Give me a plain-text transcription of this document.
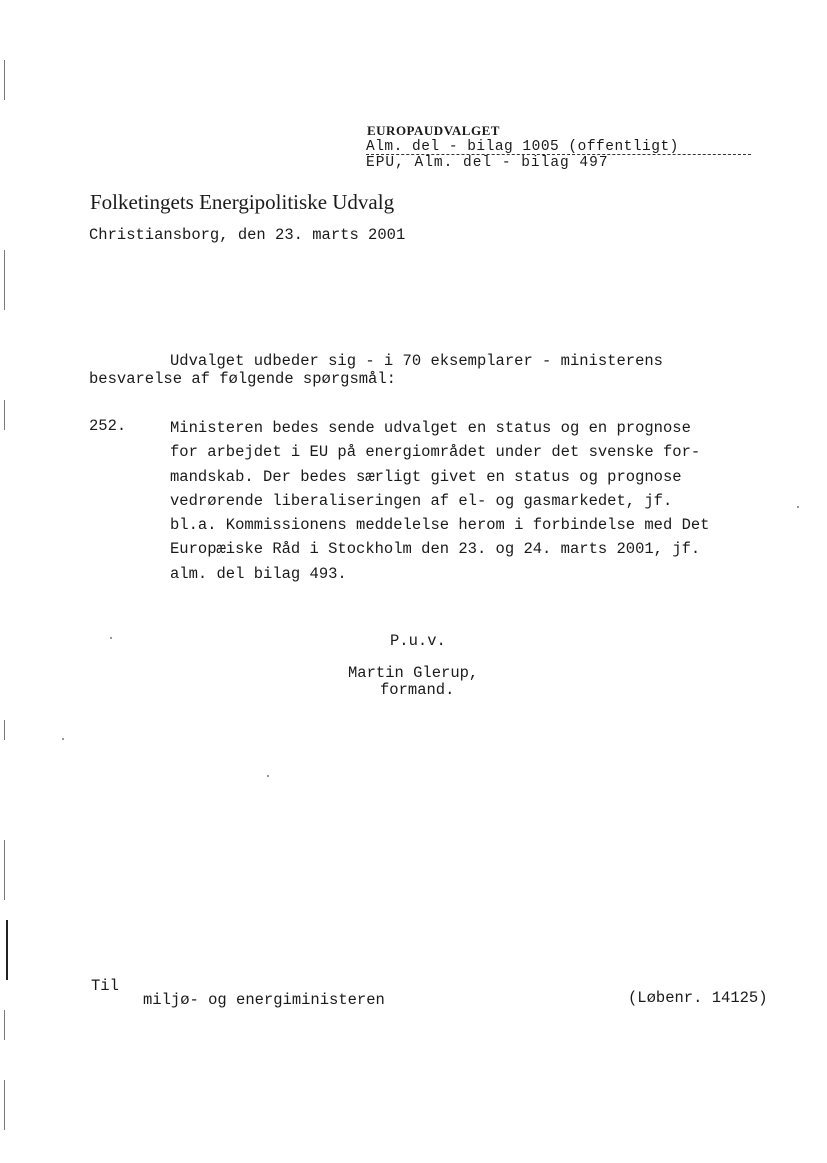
EUROPAUDVALGET
Alm. del - bilag 1005 (offentligt)
EPU, Alm. del - bilag 497
Folketingets Energipolitiske Udvalg
Christiansborg, den 23. marts 2001
Udvalget udbeder sig - i 70 eksemplarer - ministerens
besvarelse af følgende spørgsmål:
252.	Ministeren bedes sende udvalget en status og en prognose
for arbejdet i EU på energiområdet under det svenske for-
mandskab. Der bedes særligt givet en status og prognose
vedrørende liberaliseringen af el- og gasmarkedet, jf.
bl.a. Kommissionens meddelelse herom i forbindelse med Det
Europæiske Råd i Stockholm den 23. og 24. marts 2001, jf.
alm. del bilag 493.
P.u.v.
Martin Glerup,
formand.
Til
miljø- og energiministeren	(Løbenr. 14125)
